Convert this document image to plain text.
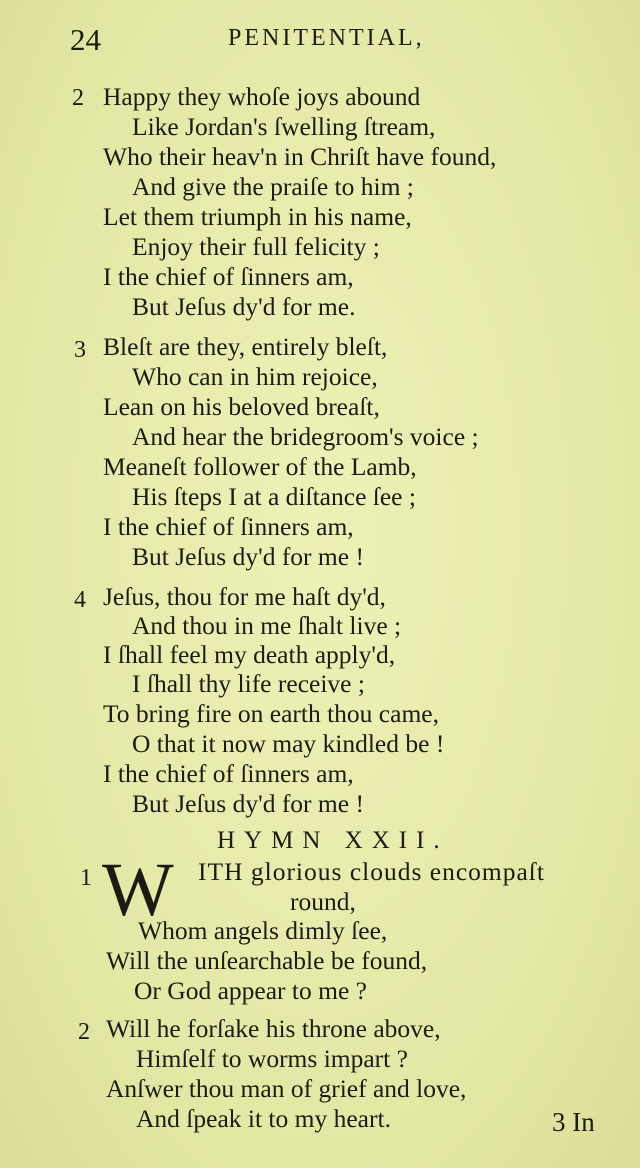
24	PENITENTIAL,
2 Happy they whoſe joys abound
Like Jordan's ſwelling ſtream,
Who their heav'n in Chriſt have found,
And give the praiſe to him ;
Let them triumph in his name,
Enjoy their full felicity ;
I the chief of ſinners am,
But Jeſus dy'd for me.
3 Bleſt are they, entirely bleſt,
Who can in him rejoice,
Lean on his beloved breaſt,
And hear the bridegroom's voice ;
Meaneſt follower of the Lamb,
His ſteps I at a diſtance ſee ;
I the chief of ſinners am,
But Jeſus dy'd for me !
4 Jeſus, thou for me haſt dy'd,
And thou in me ſhalt live ;
I ſhall feel my death apply'd,
I ſhall thy life receive ;
To bring fire on earth thou came,
O that it now may kindled be !
I the chief of ſinners am,
But Jeſus dy'd for me !
HYMN XXII.
1 W ITH glorious clouds encompaſt
round,
Whom angels dimly ſee,
Will the unſearchable be found,
Or God appear to me ?
2 Will he forſake his throne above,
Himſelf to worms impart ?
Anſwer thou man of grief and love,
And ſpeak it to my heart.	3 In
